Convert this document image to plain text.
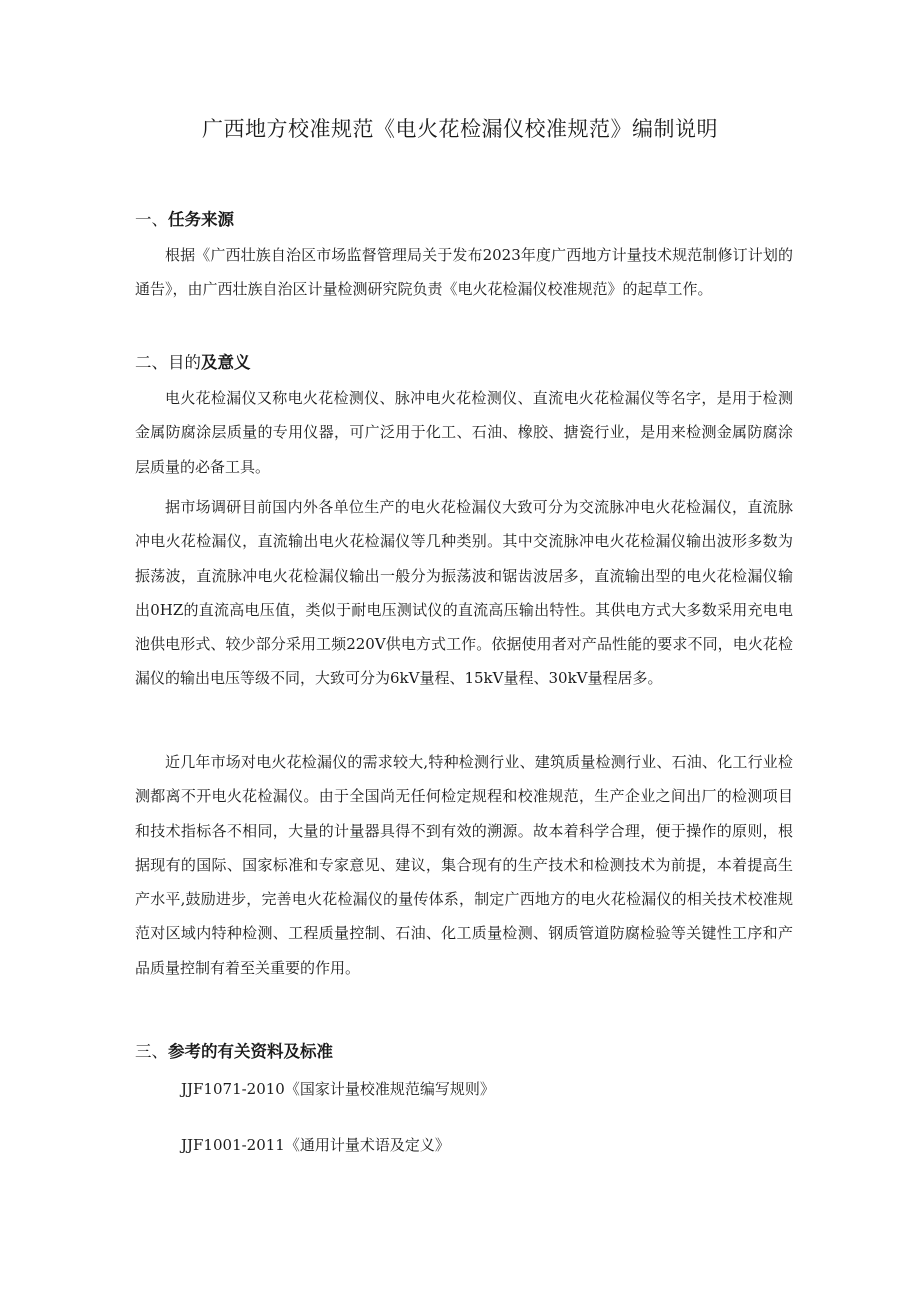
广西地方校准规范《电火花检漏仪校准规范》编制说明
一、任务来源

根据《广西壮族自治区市场监督管理局关于发布2023年度广西地方计量技术规范制修订计划的通告》，由广西壮族自治区计量检测研究院负责《电火花检漏仪校准规范》的起草工作。

二、目的及意义

电火花检漏仪又称电火花检测仪、脉冲电火花检测仪、直流电火花检漏仪等名字，是用于检测金属防腐涂层质量的专用仪器，可广泛用于化工、石油、橡胶、搪瓷行业，是用来检测金属防腐涂层质量的必备工具。

据市场调研目前国内外各单位生产的电火花检漏仪大致可分为交流脉冲电火花检漏仪，直流脉冲电火花检漏仪，直流输出电火花检漏仪等几种类别。其中交流脉冲电火花检漏仪输出波形多数为振荡波，直流脉冲电火花检漏仪输出一般分为振荡波和锯齿波居多，直流输出型的电火花检漏仪输出0HZ的直流高电压值，类似于耐电压测试仪的直流高压输出特性。其供电方式大多数采用充电电池供电形式、较少部分采用工频220V供电方式工作。依据使用者对产品性能的要求不同，电火花检漏仪的输出电压等级不同，大致可分为6kV量程、15kV量程、30kV量程居多。

近几年市场对电火花检漏仪的需求较大,特种检测行业、建筑质量检测行业、石油、化工行业检测都离不开电火花检漏仪。由于全国尚无任何检定规程和校准规范，生产企业之间出厂的检测项目和技术指标各不相同，大量的计量器具得不到有效的溯源。故本着科学合理，便于操作的原则，根据现有的国际、国家标准和专家意见、建议，集合现有的生产技术和检测技术为前提，本着提高生产水平,鼓励进步，完善电火花检漏仪的量传体系，制定广西地方的电火花检漏仪的相关技术校准规范对区域内特种检测、工程质量控制、石油、化工质量检测、钢质管道防腐检验等关键性工序和产品质量控制有着至关重要的作用。

三、参考的有关资料及标准

JJF1071-2010《国家计量校准规范编写规则》

JJF1001-2011《通用计量术语及定义》
